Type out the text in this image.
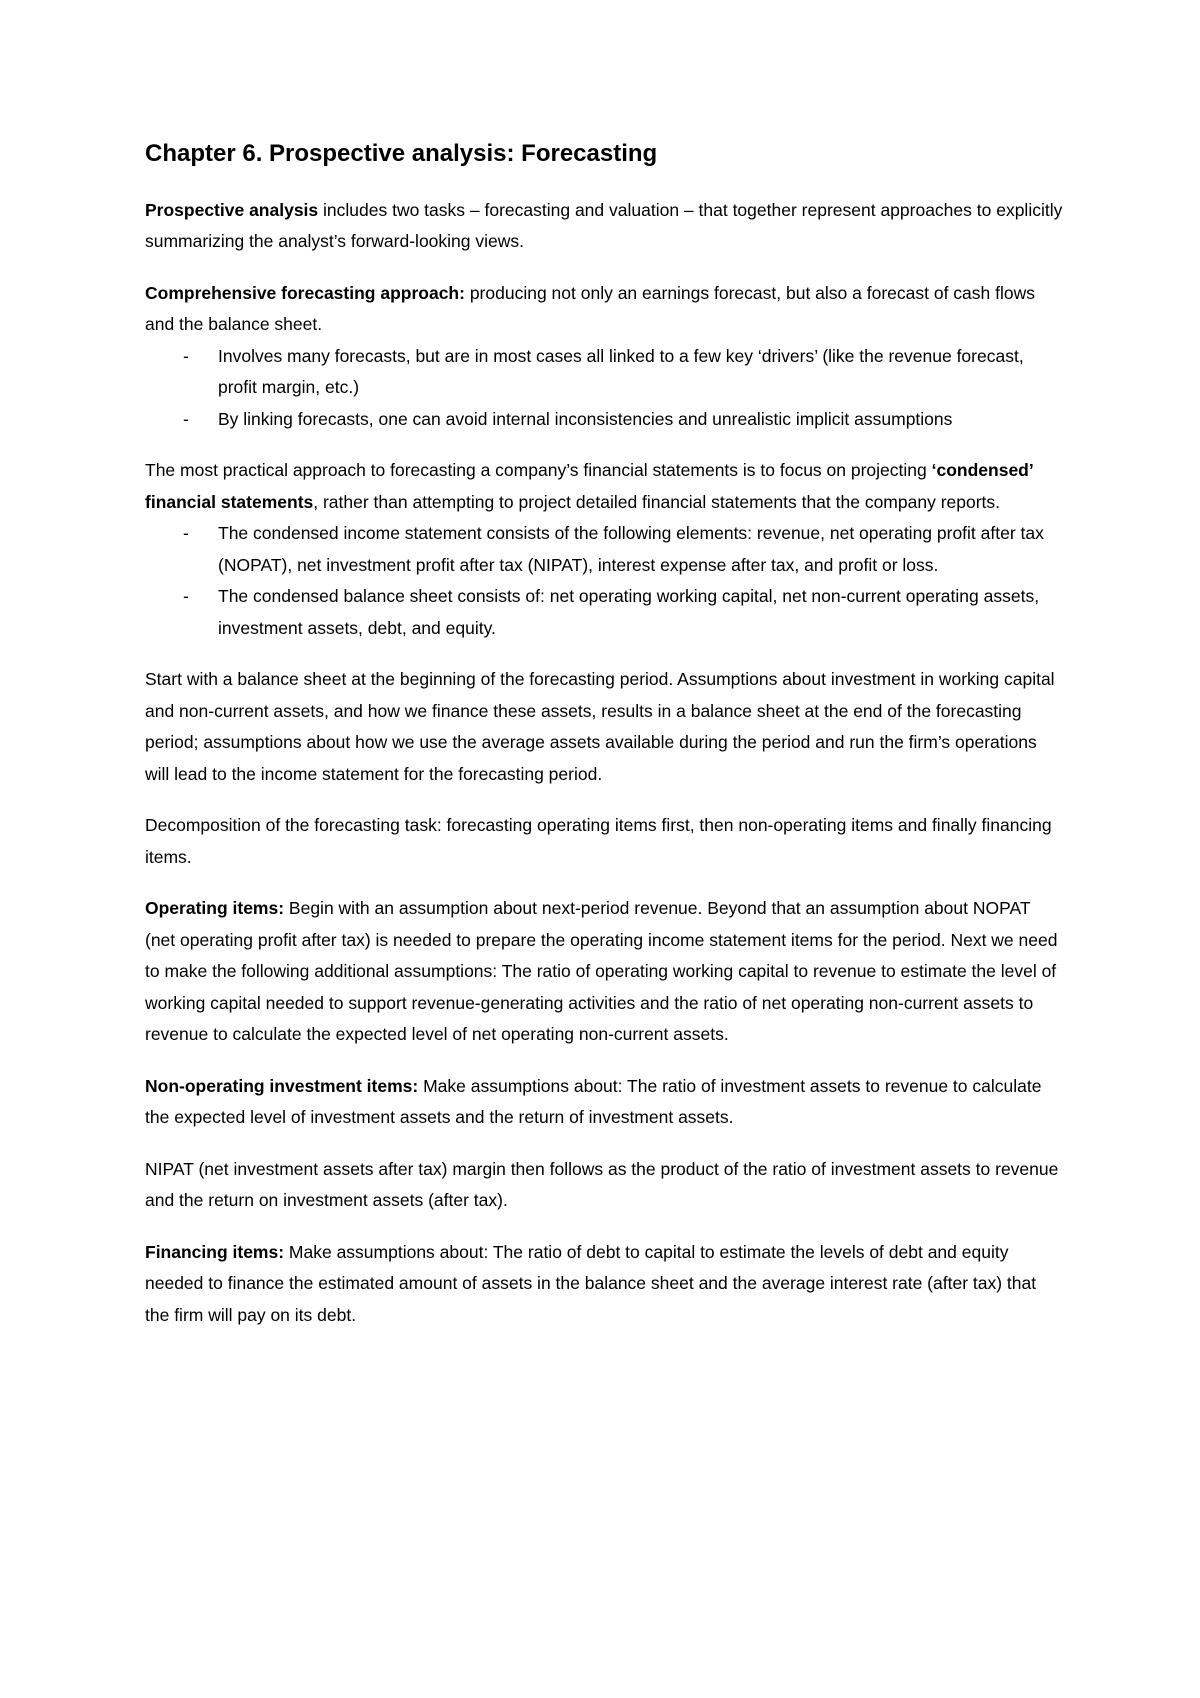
Chapter 6. Prospective analysis: Forecasting

Prospective analysis includes two tasks – forecasting and valuation – that together represent approaches to explicitly summarizing the analyst’s forward-looking views.

Comprehensive forecasting approach: producing not only an earnings forecast, but also a forecast of cash flows and the balance sheet.

- Involves many forecasts, but are in most cases all linked to a few key ‘drivers’ (like the revenue forecast, profit margin, etc.)
- By linking forecasts, one can avoid internal inconsistencies and unrealistic implicit assumptions

The most practical approach to forecasting a company’s financial statements is to focus on projecting ‘condensed’ financial statements, rather than attempting to project detailed financial statements that the company reports.

- The condensed income statement consists of the following elements: revenue, net operating profit after tax (NOPAT), net investment profit after tax (NIPAT), interest expense after tax, and profit or loss.
- The condensed balance sheet consists of: net operating working capital, net non-current operating assets, investment assets, debt, and equity.

Start with a balance sheet at the beginning of the forecasting period. Assumptions about investment in working capital and non-current assets, and how we finance these assets, results in a balance sheet at the end of the forecasting period; assumptions about how we use the average assets available during the period and run the firm’s operations will lead to the income statement for the forecasting period.

Decomposition of the forecasting task: forecasting operating items first, then non-operating items and finally financing items.

Operating items: Begin with an assumption about next-period revenue. Beyond that an assumption about NOPAT (net operating profit after tax) is needed to prepare the operating income statement items for the period. Next we need to make the following additional assumptions: The ratio of operating working capital to revenue to estimate the level of working capital needed to support revenue-generating activities and the ratio of net operating non-current assets to revenue to calculate the expected level of net operating non-current assets.

Non-operating investment items: Make assumptions about: The ratio of investment assets to revenue to calculate the expected level of investment assets and the return of investment assets.

NIPAT (net investment assets after tax) margin then follows as the product of the ratio of investment assets to revenue and the return on investment assets (after tax).

Financing items: Make assumptions about: The ratio of debt to capital to estimate the levels of debt and equity needed to finance the estimated amount of assets in the balance sheet and the average interest rate (after tax) that the firm will pay on its debt.
